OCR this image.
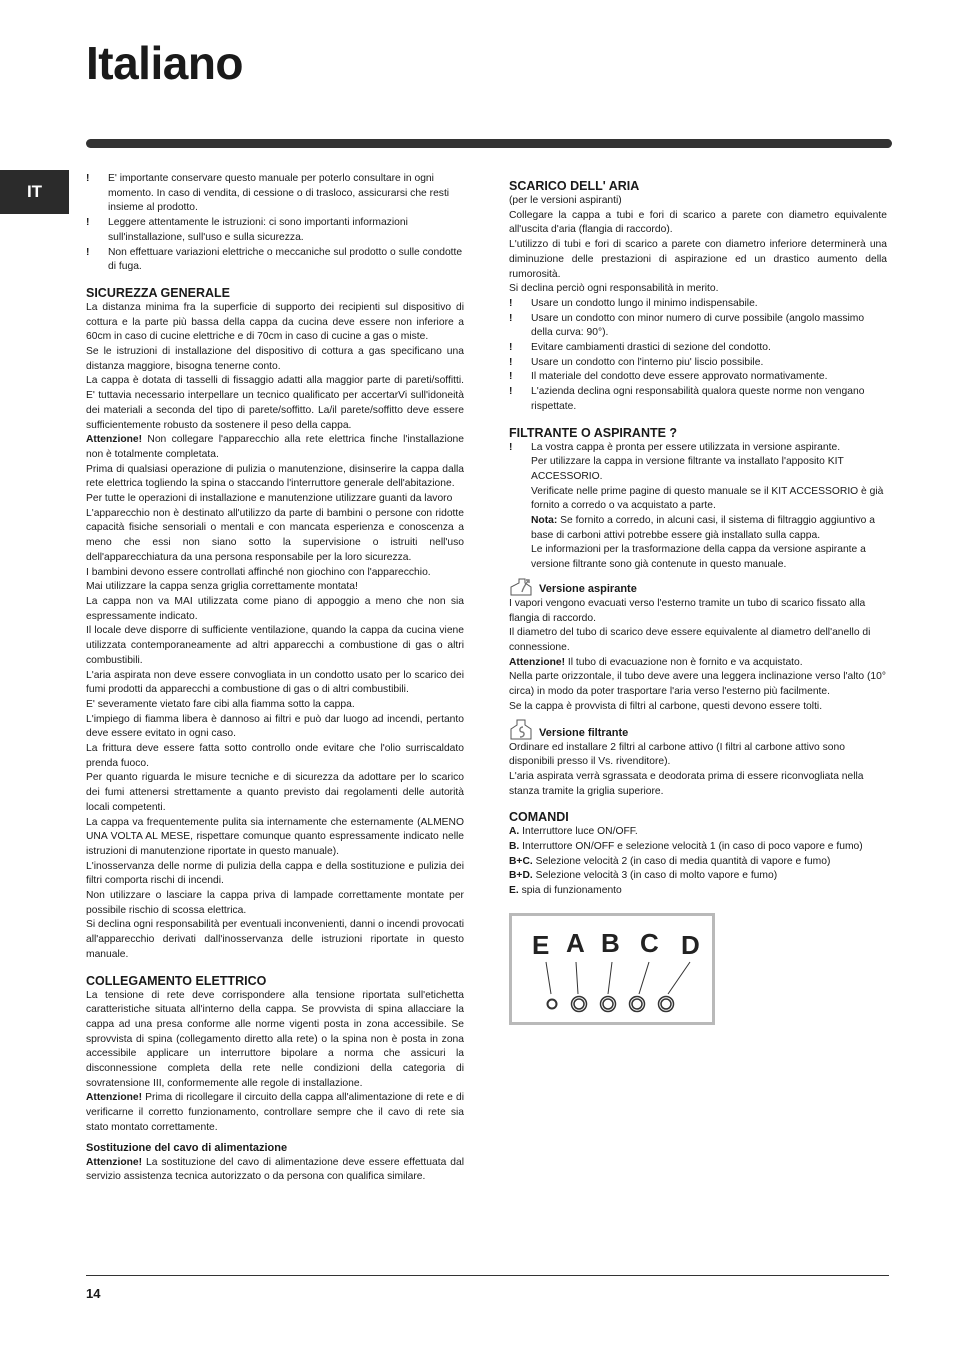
Italiano
IT
!	E' importante conservare questo manuale per poterlo consultare in ogni momento. In caso di vendita, di cessione o di trasloco, assicurarsi che resti insieme al prodotto.
!	Leggere attentamente le istruzioni: ci sono importanti informazioni sull'installazione, sull'uso e sulla sicurezza.
!	Non effettuare variazioni elettriche o meccaniche sul prodotto o sulle condotte di fuga.
SICUREZZA GENERALE

La distanza minima fra la superficie di supporto dei recipienti sul dispositivo di cottura e la parte più bassa della cappa da cucina deve essere non inferiore a 60cm in caso di cucine elettriche e di 70cm in caso di cucine a gas o miste.

Se le istruzioni di installazione del dispositivo di cottura a gas specificano una distanza maggiore, bisogna tenerne conto.

La cappa è dotata di tasselli di fissaggio adatti alla maggior parte di pareti/soffitti. E' tuttavia necessario interpellare un tecnico qualificato per accertarVi sull'idoneità dei materiali a seconda del tipo di parete/soffitto. La/il parete/soffitto deve essere sufficientemente robusto da sostenere il peso della cappa.

Attenzione! Non collegare l'apparecchio alla rete elettrica finche l'installazione non è totalmente completata.

Prima di qualsiasi operazione di pulizia o manutenzione, disinserire la cappa dalla rete elettrica togliendo la spina o staccando l'interruttore generale dell'abitazione.

Per tutte le operazioni di installazione e manutenzione utilizzare guanti da lavoro

L'apparecchio non è destinato all'utilizzo da parte di bambini o persone con ridotte capacità fisiche sensoriali o mentali e con mancata esperienza e conoscenza a meno che essi non siano sotto la supervisione o istruiti nell'uso dell'apparecchiatura da una persona responsabile per la loro sicurezza.

I bambini devono essere controllati affinché non giochino con l'apparecchio.

Mai utilizzare la cappa senza griglia correttamente montata!

La cappa non va MAI utilizzata come piano di appoggio a meno che non sia espressamente indicato.

Il locale deve disporre di sufficiente ventilazione, quando la cappa da cucina viene utilizzata contemporaneamente ad altri apparecchi a combustione di gas o altri combustibili.

L'aria aspirata non deve essere convogliata in un condotto usato per lo scarico dei fumi prodotti da apparecchi a combustione di gas o di altri combustibili.

E' severamente vietato fare cibi alla fiamma sotto la cappa.

L'impiego di fiamma libera è dannoso ai filtri e può dar luogo ad incendi, pertanto deve essere evitato in ogni caso.

La frittura deve essere fatta sotto controllo onde evitare che l'olio surriscaldato prenda fuoco.

Per quanto riguarda le misure tecniche e di sicurezza da adottare per lo scarico dei fumi attenersi strettamente a quanto previsto dai regolamenti delle autorità locali competenti.

La cappa va frequentemente pulita sia internamente che esternamente (ALMENO UNA VOLTA AL MESE, rispettare comunque quanto espressamente indicato nelle istruzioni di manutenzione riportate in questo manuale).

L'inosservanza delle norme di pulizia della cappa e della sostituzione e pulizia dei filtri comporta rischi di incendi.

Non utilizzare o lasciare la cappa priva di lampade correttamente montate per possibile rischio di scossa elettrica.

Si declina ogni responsabilità per eventuali inconvenienti, danni o incendi provocati all'apparecchio derivati dall'inosservanza delle istruzioni riportate in questo manuale.

COLLEGAMENTO ELETTRICO

La tensione di rete deve corrispondere alla tensione riportata sull'etichetta caratteristiche situata all'interno della cappa. Se provvista di spina allacciare la cappa ad una presa conforme alle norme vigenti posta in zona accessibile. Se sprovvista di spina (collegamento diretto alla rete) o la spina non è posta in zona accessibile applicare un interruttore bipolare a norma che assicuri la disconnessione completa della rete nelle condizioni della categoria di sovratensione III, conformemente alle regole di installazione.

Attenzione! Prima di ricollegare il circuito della cappa all'alimentazione di rete e di verificarne il corretto funzionamento, controllare sempre che il cavo di rete sia stato montato correttamente.

Sostituzione del cavo di alimentazione

Attenzione! La sostituzione del cavo di alimentazione deve essere effettuata dal servizio assistenza tecnica autorizzato o da persona con qualifica similare.

SCARICO DELL' ARIA

(per le versioni aspiranti)

Collegare la cappa a tubi e fori di scarico a parete con diametro equivalente all'uscita d'aria (flangia di raccordo).

L'utilizzo di tubi e fori di scarico a parete con diametro inferiore determinerà una diminuzione delle prestazioni di aspirazione ed un drastico aumento della rumorosità.

Si declina perciò ogni responsabilità in merito.

!	Usare un condotto lungo il minimo indispensabile.
!	Usare un condotto con minor numero di curve possibile (angolo massimo della curva: 90°).
!	Evitare cambiamenti drastici di sezione del condotto.
!	Usare un condotto con l'interno piu' liscio possibile.
!	Il materiale del condotto deve essere approvato normativamente.
!	L'azienda declina ogni responsabilità qualora queste norme non vengano rispettate.
FILTRANTE O ASPIRANTE ?
!	La vostra cappa è pronta per essere utilizzata in versione aspirante.
Per utilizzare la cappa in versione filtrante va installato l'apposito KIT ACCESSORIO.
Verificate nelle prime pagine di questo manuale se il KIT ACCESSORIO è già fornito a corredo o va acquistato a parte.
Nota: Se fornito a corredo, in alcuni casi, il sistema di filtraggio aggiuntivo a base di carboni attivi potrebbe essere già installato sulla cappa.
Le informazioni per la trasformazione della cappa da versione aspirante a versione filtrante sono già contenute in questo manuale.
Versione aspirante

I vapori vengono evacuati verso l'esterno tramite un tubo di scarico fissato alla flangia di raccordo.

Il diametro del tubo di scarico deve essere equivalente al diametro dell'anello di connessione.

Attenzione! Il tubo di evacuazione non è fornito e va acquistato.

Nella parte orizzontale, il tubo deve avere una leggera inclinazione verso l'alto (10° circa) in modo da poter trasportare l'aria verso l'esterno più facilmente.

Se la cappa è provvista di filtri al carbone, questi devono essere tolti.

Versione filtrante

Ordinare ed installare 2 filtri al carbone attivo (I filtri al carbone attivo sono disponibili presso il Vs. rivenditore).

L'aria aspirata verrà sgrassata e deodorata prima di essere riconvogliata nella stanza tramite la griglia superiore.

COMANDI

A. Interruttore luce ON/OFF.

B. Interruttore ON/OFF e selezione velocità 1 (in caso di poco vapore e fumo)

B+C. Selezione velocità 2 (in caso di media quantità di vapore e fumo)

B+D. Selezione velocità 3 (in caso di molto vapore e fumo)

E. spia di funzionamento

E A B C D
14
